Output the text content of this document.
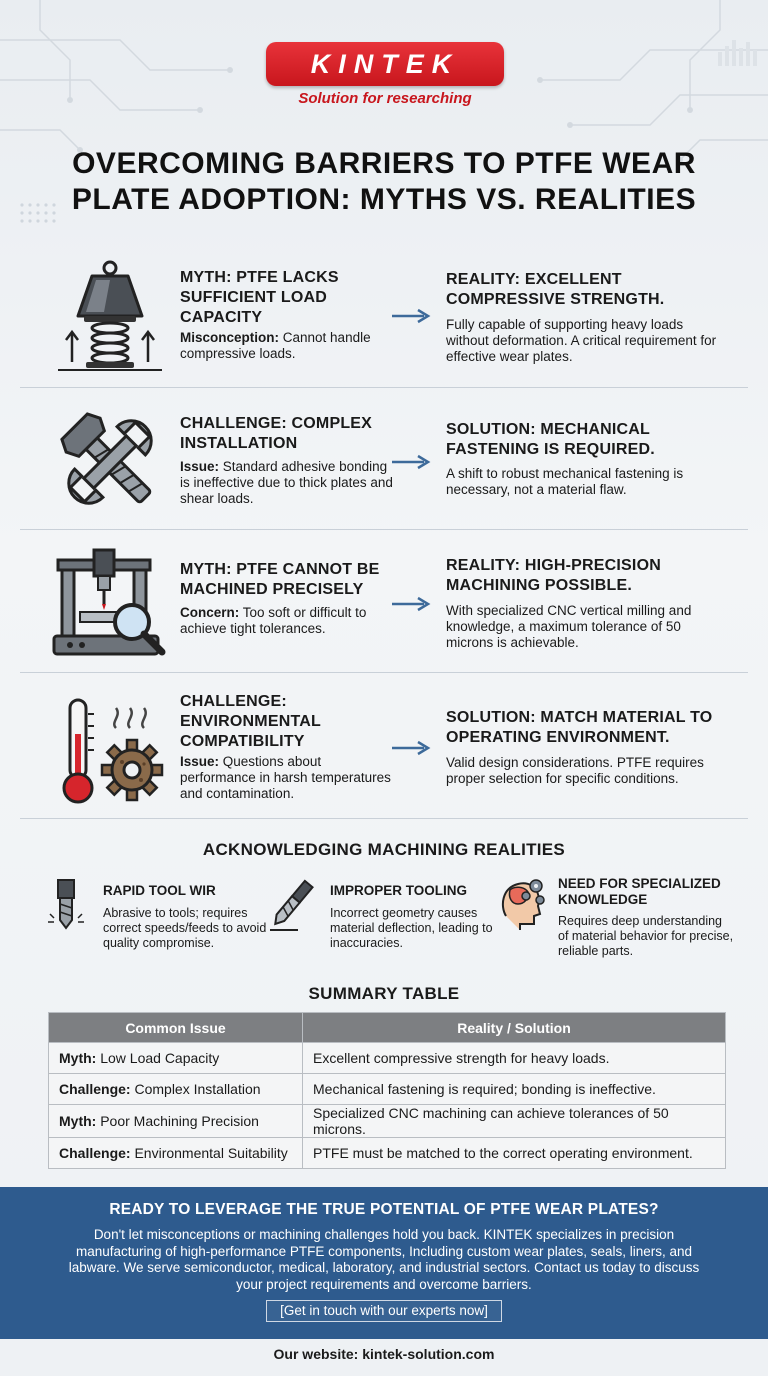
KINTEK
Solution for researching
OVERCOMING BARRIERS TO PTFE WEAR
PLATE ADOPTION: MYTHS VS. REALITIES
MYTH: PTFE LACKS
SUFFICIENT LOAD
CAPACITY
Misconception: Cannot handle compressive loads.
REALITY: EXCELLENT
COMPRESSIVE STRENGTH.
Fully capable of supporting heavy loads without deformation. A critical requirement for effective wear plates.
CHALLENGE: COMPLEX
INSTALLATION
Issue: Standard adhesive bonding is ineffective due to thick plates and shear loads.
SOLUTION: MECHANICAL
FASTENING IS REQUIRED.
A shift to robust mechanical fastening is necessary, not a material flaw.
MYTH: PTFE CANNOT BE
MACHINED PRECISELY
Concern: Too soft or difficult to achieve tight tolerances.
REALITY: HIGH-PRECISION
MACHINING POSSIBLE.
With specialized CNC vertical milling and knowledge, a maximum tolerance of 50 microns is achievable.
CHALLENGE:
ENVIRONMENTAL
COMPATIBILITY
Issue: Questions about performance in harsh temperatures and contamination.
SOLUTION: MATCH MATERIAL TO
OPERATING ENVIRONMENT.
Valid design considerations. PTFE requires proper selection for specific conditions.
ACKNOWLEDGING MACHINING REALITIES
RAPID TOOL WIR
Abrasive to tools; requires correct speeds/feeds to avoid quality compromise.
IMPROPER TOOLING
Incorrect geometry causes material deflection, leading to inaccuracies.
NEED FOR SPECIALIZED KNOWLEDGE
Requires deep understanding of material behavior for precise, reliable parts.
SUMMARY TABLE
Common Issue	Reality / Solution
Myth: Low Load Capacity	Excellent compressive strength for heavy loads.
Challenge: Complex Installation	Mechanical fastening is required; bonding is ineffective.
Myth: Poor Machining Precision	Specialized CNC machining can achieve tolerances of 50 microns.
Challenge: Environmental Suitability	PTFE must be matched to the correct operating environment.
READY TO LEVERAGE THE TRUE POTENTIAL OF PTFE WEAR PLATES?
Don't let misconceptions or machining challenges hold you back. KINTEK specializes in precision manufacturing of high-performance PTFE components, Including custom wear plates, seals, liners, and labware. We serve semiconductor, medical, laboratory, and industrial sectors. Contact us today to discuss your project requirements and overcome barriers.
[Get in touch with our experts now]
Our website: kintek-solution.com
